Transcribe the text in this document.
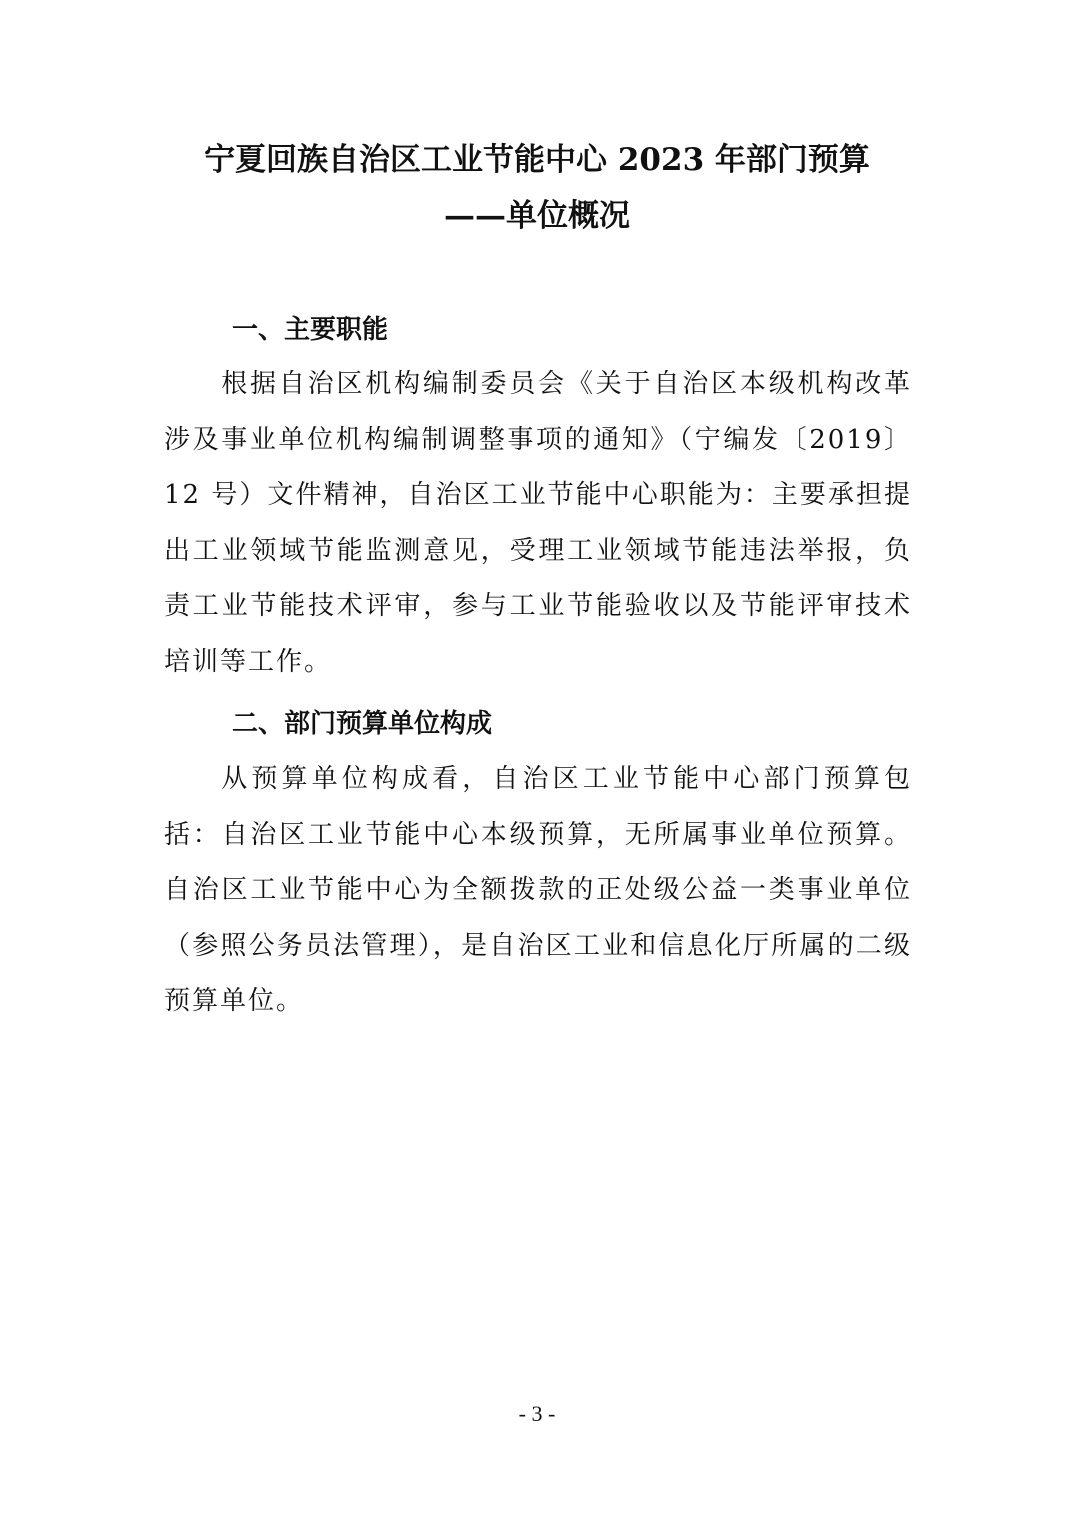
宁夏回族自治区工业节能中心 2023 年部门预算
——单位概况
一、主要职能

根据自治区机构编制委员会《关于自治区本级机构改革涉及事业单位机构编制调整事项的通知》（宁编发〔2019〕12 号）文件精神，自治区工业节能中心职能为：主要承担提出工业领域节能监测意见，受理工业领域节能违法举报，负责工业节能技术评审，参与工业节能验收以及节能评审技术培训等工作。

二、部门预算单位构成

从预算单位构成看，自治区工业节能中心部门预算包括：自治区工业节能中心本级预算，无所属事业单位预算。自治区工业节能中心为全额拨款的正处级公益一类事业单位（参照公务员法管理），是自治区工业和信息化厅所属的二级预算单位。

- 3 -
